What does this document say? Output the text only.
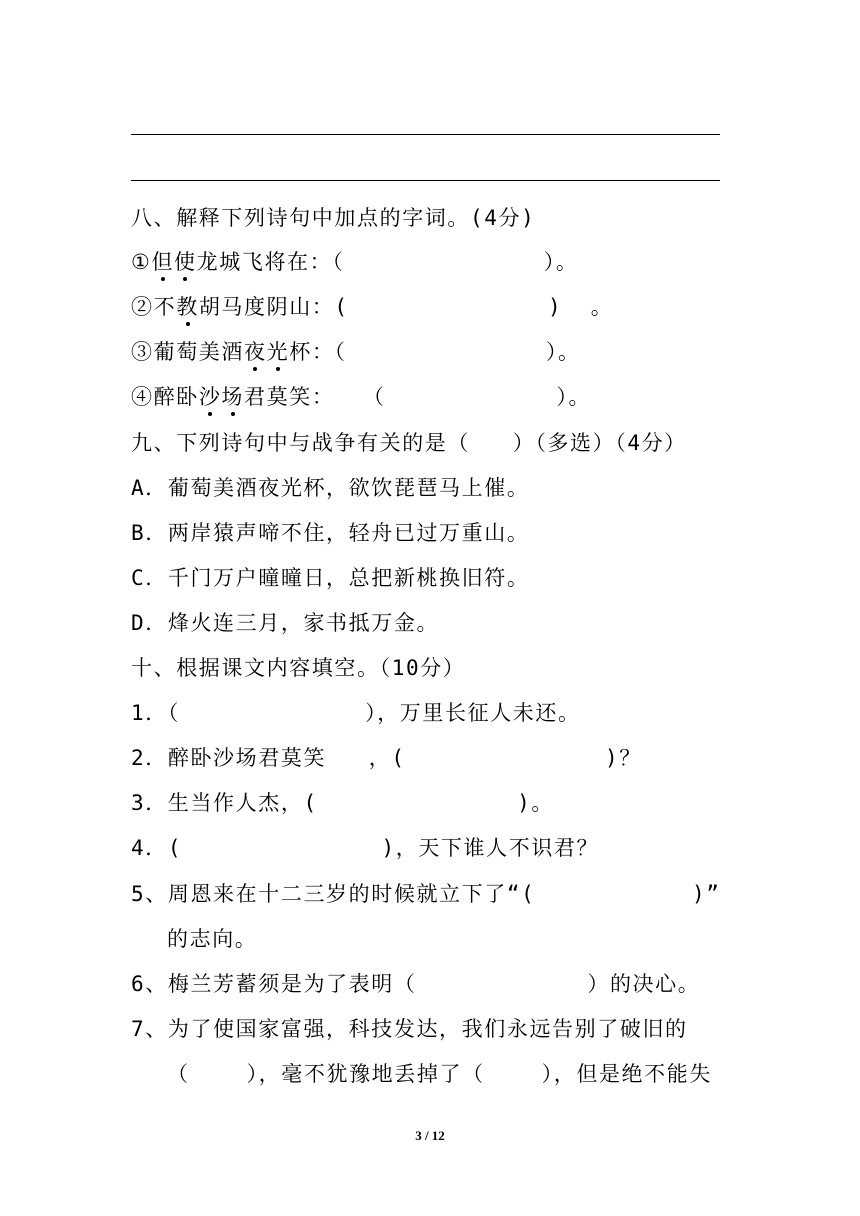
八、解释下列诗句中加点的字词。(4分)
①但使龙城飞将在：（              ）。
②不教胡马度阴山：(              )  。
③葡萄美酒夜光杯：（              ）。
④醉卧沙场君莫笑：  （            ）。
九、下列诗句中与战争有关的是（   ）（多选）（4分）
A．葡萄美酒夜光杯，欲饮琵琶马上催。
B．两岸猿声啼不住，轻舟已过万重山。
C．千门万户曈曈日，总把新桃换旧符。
D．烽火连三月，家书抵万金。
十、根据课文内容填空。（10分）
1．（             ），万里长征人未还。
2．醉卧沙场君莫笑   ，(              )？
3．生当作人杰，(              )。
4．(              )，天下谁人不识君？
5、周恩来在十二三岁的时候就立下了“(           )”
的志向。
6、梅兰芳蓄须是为了表明（            ）的决心。
7、为了使国家富强，科技发达，我们永远告别了破旧的
（    ），毫不犹豫地丢掉了（    ），但是绝不能失
3 / 12
